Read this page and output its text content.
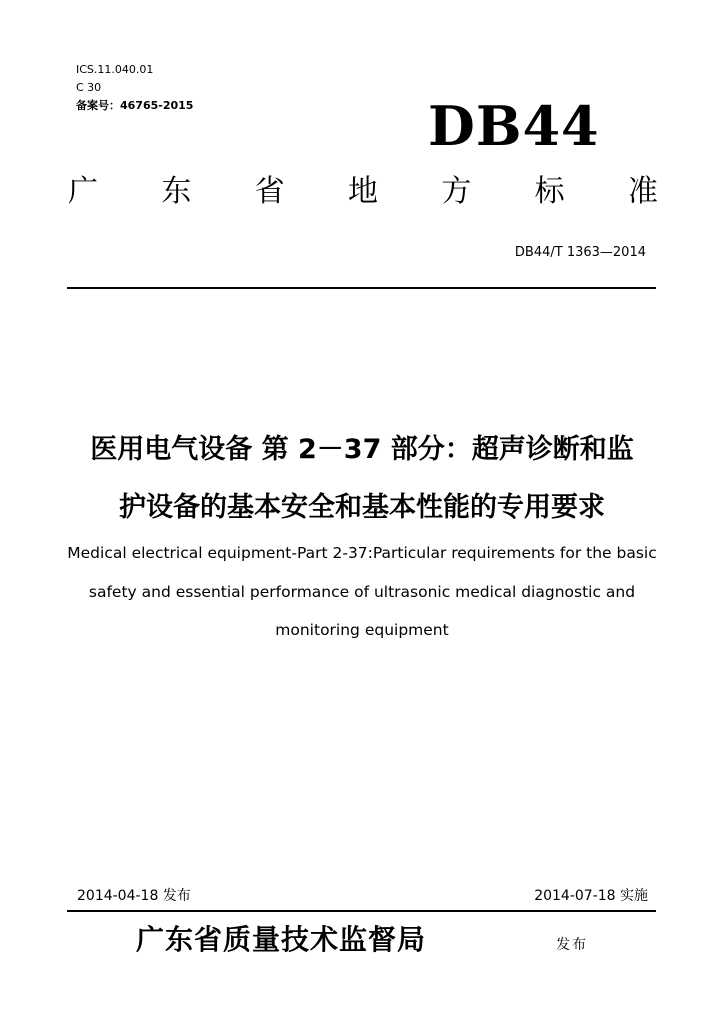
ICS.11.040.01
C 30
备案号：46765-2015	DB44
广 东 省 地 方 标 准
DB44/T 1363—2014
医用电气设备 第 2－37 部分：超声诊断和监
护设备的基本安全和基本性能的专用要求
Medical electrical equipment-Part 2-37:Particular requirements for the basic
safety and essential performance of ultrasonic medical diagnostic and
monitoring equipment
2014-04-18 发布	2014-07-18 实施
广东省质量技术监督局	发布
